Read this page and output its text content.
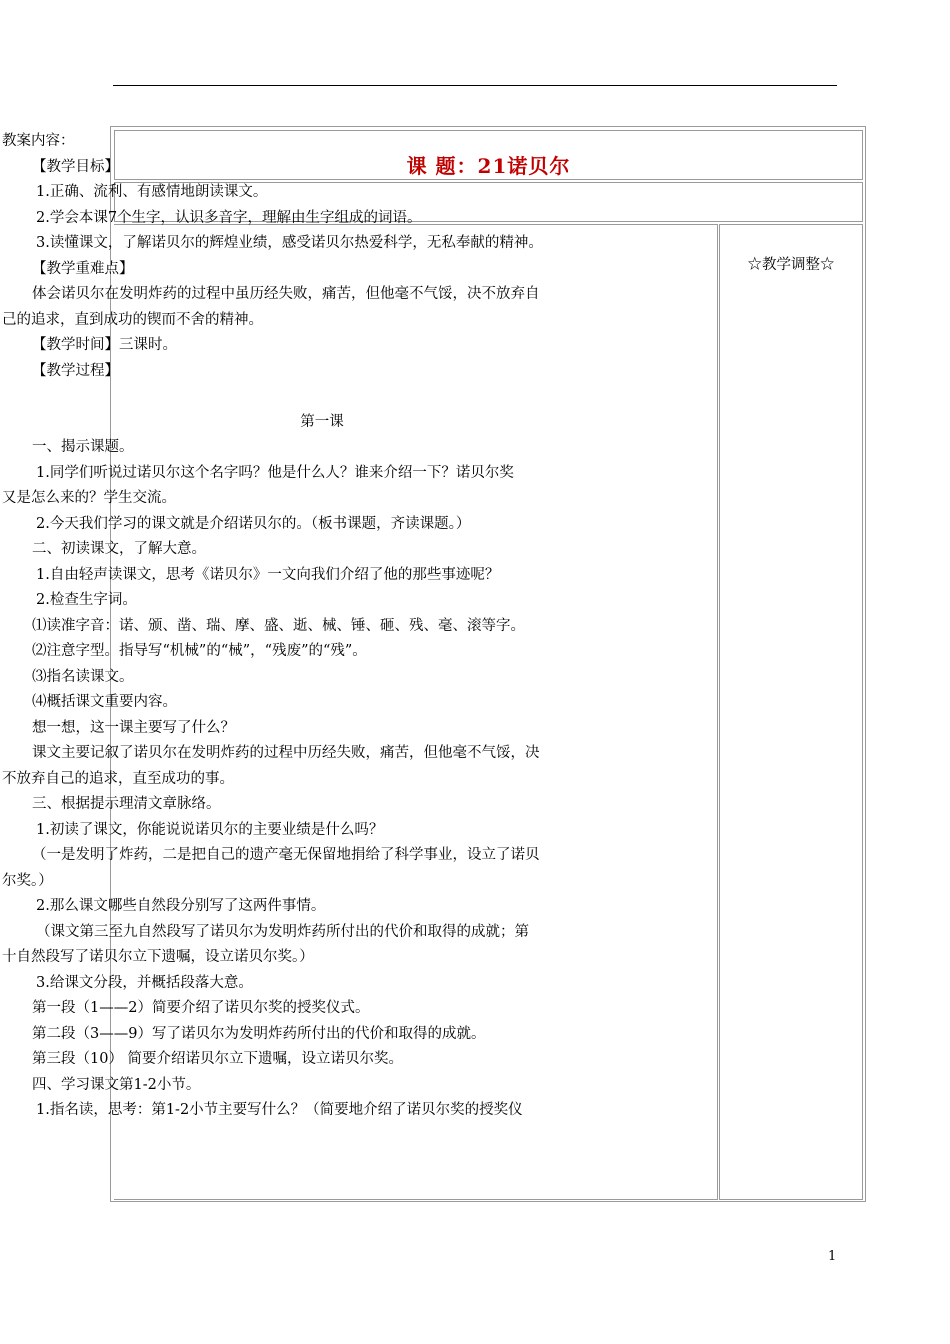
课 题：21诺贝尔
☆教学调整☆
教案内容：
【教学目标】
1.正确、流利、有感情地朗读课文。
2.学会本课7个生字，认识多音字，理解由生字组成的词语。
3.读懂课文，了解诺贝尔的辉煌业绩，感受诺贝尔热爱科学，无私奉献的精神。
【教学重难点】
体会诺贝尔在发明炸药的过程中虽历经失败，痛苦，但他毫不气馁，决不放弃自
己的追求，直到成功的锲而不舍的精神。
【教学时间】三课时。
【教学过程】
第一课
一、揭示课题。
1.同学们听说过诺贝尔这个名字吗？他是什么人？谁来介绍一下？诺贝尔奖
又是怎么来的？学生交流。
2.今天我们学习的课文就是介绍诺贝尔的。（板书课题，齐读课题。）
二、初读课文，了解大意。
1.自由轻声读课文，思考《诺贝尔》一文向我们介绍了他的那些事迹呢？
2.检查生字词。
⑴读准字音：诺、颁、凿、瑞、摩、盛、逝、械、锤、砸、残、毫、滚等字。
⑵注意字型。指导写“机械”的“械”，“残废”的“残”。
⑶指名读课文。
⑷概括课文重要内容。
想一想，这一课主要写了什么？
课文主要记叙了诺贝尔在发明炸药的过程中历经失败，痛苦，但他毫不气馁，决
不放弃自己的追求，直至成功的事。
三、根据提示理清文章脉络。
1.初读了课文，你能说说诺贝尔的主要业绩是什么吗？
（一是发明了炸药，二是把自己的遗产毫无保留地捐给了科学事业，设立了诺贝
尔奖。）
2.那么课文哪些自然段分别写了这两件事情。
（课文第三至九自然段写了诺贝尔为发明炸药所付出的代价和取得的成就；第
十自然段写了诺贝尔立下遗嘱，设立诺贝尔奖。）
3.给课文分段，并概括段落大意。
第一段（1——2）简要介绍了诺贝尔奖的授奖仪式。
第二段（3——9）写了诺贝尔为发明炸药所付出的代价和取得的成就。
第三段（10） 简要介绍诺贝尔立下遗嘱，设立诺贝尔奖。
四、学习课文第1-2小节。
1.指名读，思考：第1-2小节主要写什么？（简要地介绍了诺贝尔奖的授奖仪
1
